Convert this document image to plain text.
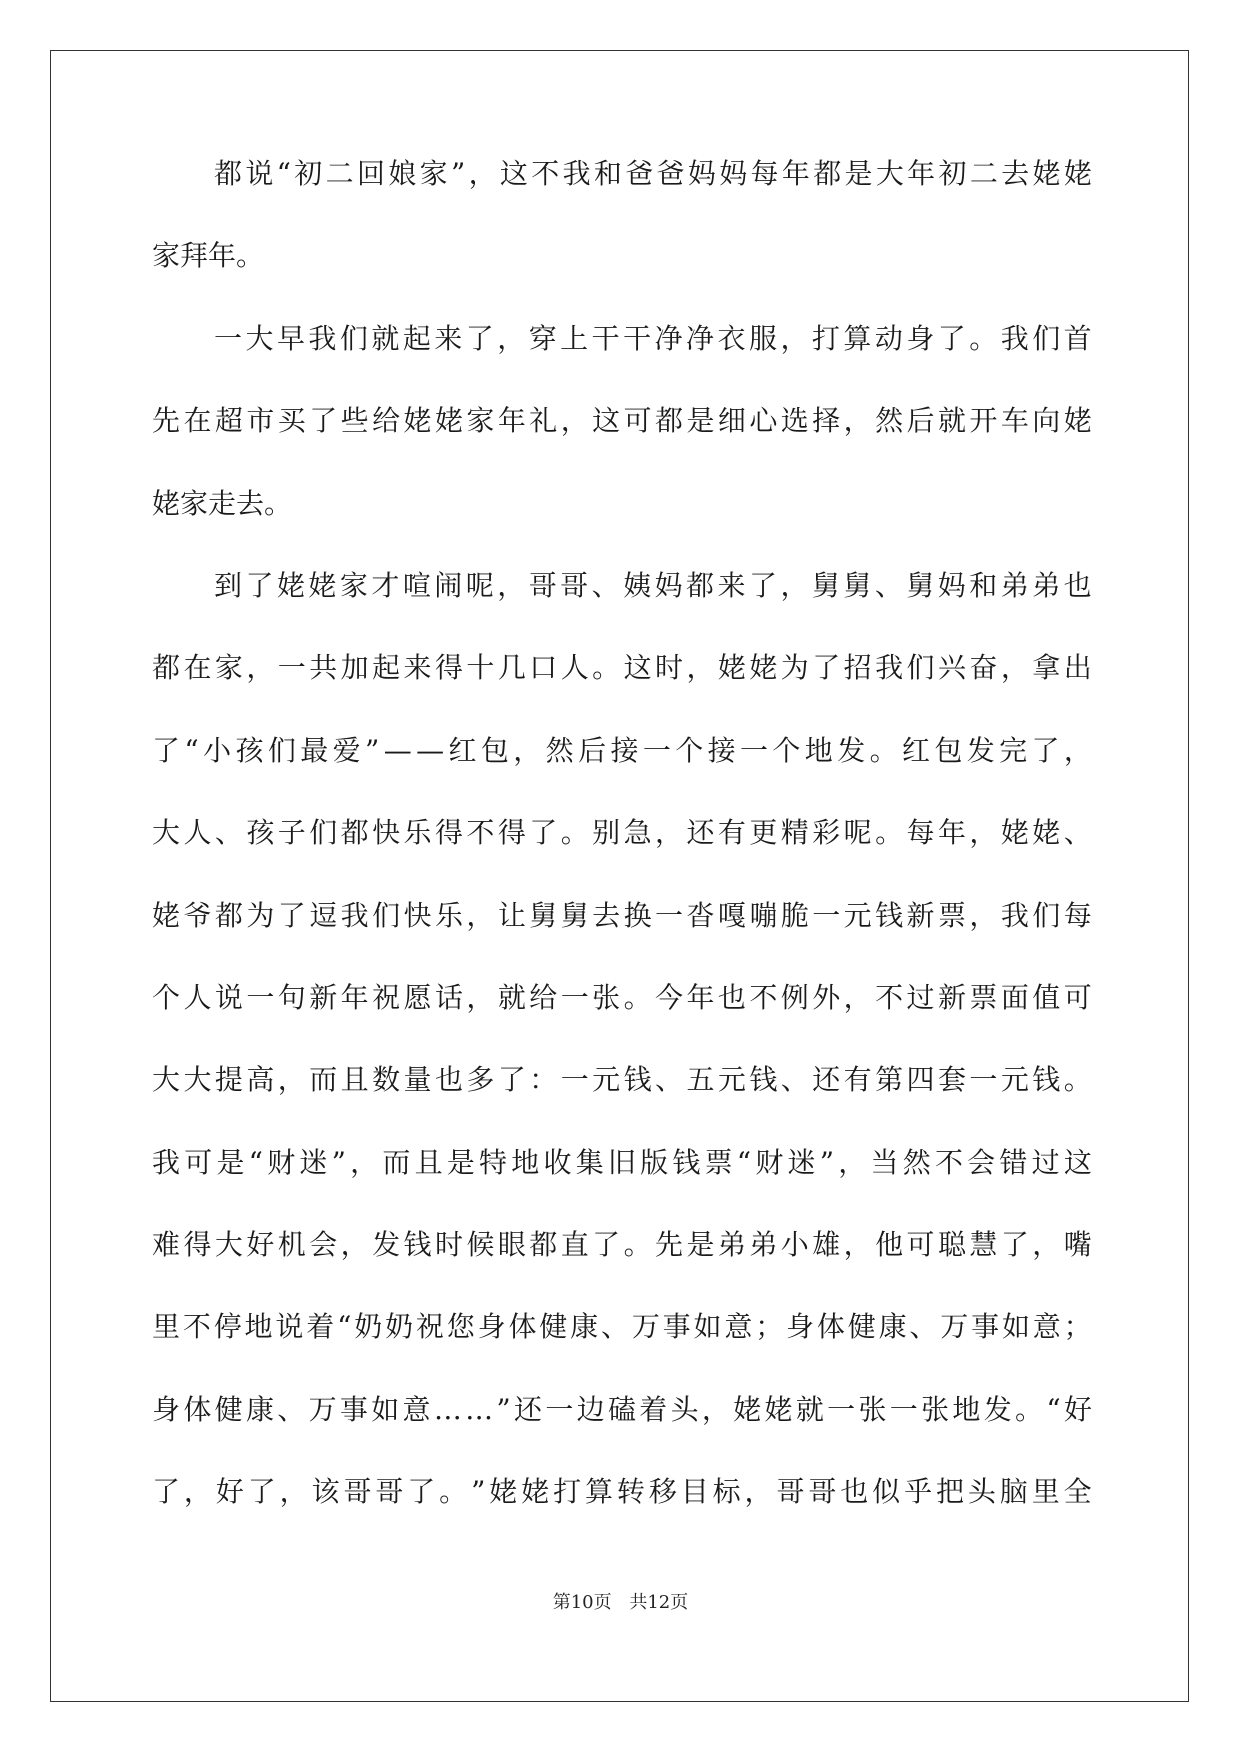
都 说 “ 初 二 回 娘 家 ” ， 这 不 我 和 爸 爸 妈 妈 每 年 都 是 大 年 初 二 去 姥 姥
家拜年。
一 大 早 我 们 就 起 来 了 ， 穿 上 干 干 净 净 衣 服 ， 打 算 动 身 了 。 我 们 首
先 在 超 市 买 了 些 给 姥 姥 家 年 礼 ， 这 可 都 是 细 心 选 择 ， 然 后 就 开 车 向 姥
姥家走去。
到 了 姥 姥 家 才 喧 闹 呢 ， 哥 哥 、 姨 妈 都 来 了 ， 舅 舅 、 舅 妈 和 弟 弟 也
都 在 家 ， 一 共 加 起 来 得 十 几 口 人 。 这 时 ， 姥 姥 为 了 招 我 们 兴 奋 ， 拿 出
了 “ 小 孩 们 最 爱 ” — — 红 包 ， 然 后 接 一 个 接 一 个 地 发 。 红 包 发 完 了 ，
大 人 、 孩 子 们 都 快 乐 得 不 得 了 。 别 急 ， 还 有 更 精 彩 呢 。 每 年 ， 姥 姥 、
姥 爷 都 为 了 逗 我 们 快 乐 ， 让 舅 舅 去 换 一 沓 嘎 嘣 脆 一 元 钱 新 票 ， 我 们 每
个 人 说 一 句 新 年 祝 愿 话 ， 就 给 一 张 。 今 年 也 不 例 外 ， 不 过 新 票 面 值 可
大 大 提 高 ， 而 且 数 量 也 多 了 ： 一 元 钱 、 五 元 钱 、 还 有 第 四 套 一 元 钱 。
我 可 是 “ 财 迷 ” ， 而 且 是 特 地 收 集 旧 版 钱 票 “ 财 迷 ” ， 当 然 不 会 错 过 这
难 得 大 好 机 会 ， 发 钱 时 候 眼 都 直 了 。 先 是 弟 弟 小 雄 ， 他 可 聪 慧 了 ， 嘴
里 不 停 地 说 着 “ 奶 奶 祝 您 身 体 健 康 、 万 事 如 意 ； 身 体 健 康 、 万 事 如 意 ；
身 体 健 康 、 万 事 如 意 … … ” 还 一 边 磕 着 头 ， 姥 姥 就 一 张 一 张 地 发 。 “ 好
了 ， 好 了 ， 该 哥 哥 了 。 ” 姥 姥 打 算 转 移 目 标 ， 哥 哥 也 似 乎 把 头 脑 里 全
第10页 共12页
